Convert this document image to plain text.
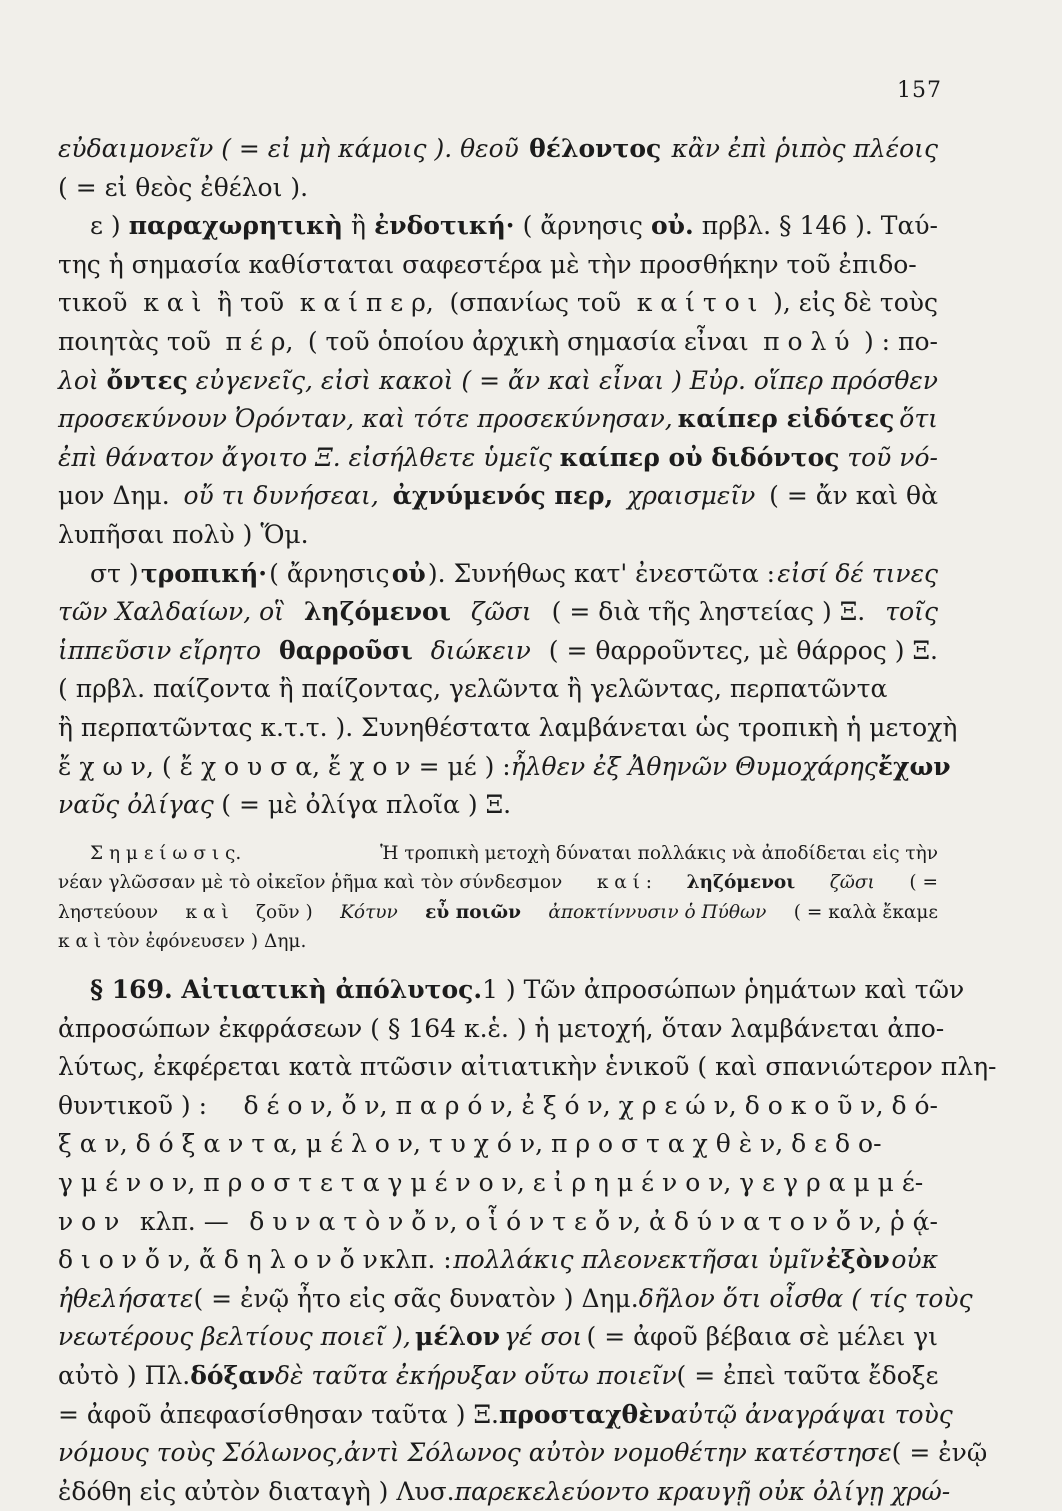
157
εὐδαιμονεῖν ( = εἰ μὴ κάμοις ). θεοῦ θέλοντος κἂν ἐπὶ ῥιπὸς πλέοις
( = εἰ θεὸς ἐθέλοι ).
ε ) παραχωρητικὴ ἢ ἐνδοτική· ( ἄρνησις οὐ. πρβλ. § 146 ). Ταύ-
της ἡ σημασία καθίσταται σαφεστέρα μὲ τὴν προσθήκην τοῦ ἐπιδο-
τικοῦ κ α ὶ ἢ τοῦ κ α ί π ε ρ, (σπανίως τοῦ κ α ί τ ο ι ), εἰς δὲ τοὺς
ποιητὰς τοῦ π έ ρ, ( τοῦ ὁποίου ἀρχικὴ σημασία εἶναι π ο λ ύ ) : πο-
λοὶ ὄντες εὐγενεῖς, εἰσὶ κακοὶ ( = ἄν καὶ εἶναι ) Εὐρ. οἵπερ πρόσθεν
προσεκύνουν Ὀρόνταν, καὶ τότε προσεκύνησαν, καίπερ εἰδότες ὅτι
ἐπὶ θάνατον ἄγοιτο Ξ. εἰσήλθετε ὑμεῖς καίπερ οὐ διδόντος τοῦ νό-
μον Δημ. οὔ τι δυνήσεαι, ἀχνύμενός περ, χραισμεῖν ( = ἄν καὶ θὰ
λυπῆσαι πολὺ ) Ὅμ.
στ ) τροπική· ( ἄρνησις οὐ ). Συνήθως κατ' ἐνεστῶτα : εἰσί δέ τινες
τῶν Χαλδαίων, οἳ ληζόμενοι ζῶσι ( = διὰ τῆς ληστείας ) Ξ. τοῖς
ἱππεῦσιν εἴρητο θαρροῦσι διώκειν ( = θαρροῦντες, μὲ θάρρος ) Ξ.
( πρβλ. παίζοντα ἢ παίζοντας, γελῶντα ἢ γελῶντας, περπατῶντα
ἢ περπατῶντας κ.τ.τ. ). Συνηθέστατα λαμβάνεται ὡς τροπικὴ ἡ μετοχὴ
ἔ χ ω ν, ( ἔ χ ο υ σ α, ἔ χ ο ν = μέ ) : ἦλθεν ἐξ Ἀθηνῶν Θυμοχάρης ἔχων
ναῦς ὀλίγας ( = μὲ ὀλίγα πλοῖα ) Ξ.
Σ η μ ε ί ω σ ι ς.	Ἡ τροπικὴ μετοχὴ δύναται πολλάκις νὰ ἀποδίδεται εἰς τὴν
νέαν γλῶσσαν μὲ τὸ οἰκεῖον ῥῆμα καὶ τὸν σύνδεσμον κ α ί : ληζόμενοι ζῶσι ( =
ληστεύουν κ α ὶ ζοῦν ) Κότυν εὖ ποιῶν ἀποκτίννυσιν ὁ Πύθων ( = καλὰ ἔκαμε
κ α ὶ τὸν ἐφόνευσεν ) Δημ.
§ 169. Αἰτιατικὴ ἀπόλυτος. 1 ) Τῶν ἀπροσώπων ῥημάτων καὶ τῶν
ἀπροσώπων ἐκφράσεων ( § 164 κ.ἑ. ) ἡ μετοχή, ὅταν λαμβάνεται ἀπο-
λύτως, ἐκφέρεται κατὰ πτῶσιν αἰτιατικὴν ἑνικοῦ ( καὶ σπανιώτερον πλη-
θυντικοῦ ) : δ έ ο ν, ὄ ν, π α ρ ό ν, ἐ ξ ό ν, χ ρ ε ώ ν, δ ο κ ο ῦ ν, δ ό-
ξ α ν, δ ό ξ α ν τ α, μ έ λ ο ν, τ υ χ ό ν, π ρ ο σ τ α χ θ ὲ ν, δ ε δ ο-
γ μ έ ν ο ν, π ρ ο σ τ ε τ α γ μ έ ν ο ν, ε ἰ ρ η μ έ ν ο ν, γ ε γ ρ α μ μ έ-
ν ο ν κλπ. — δ υ ν α τ ὸ ν ὄ ν, ο ἷ ό ν τ ε ὄ ν, ἀ δ ύ ν α τ ο ν ὄ ν, ῥ ᾴ-
δ ι ο ν ὄ ν, ἄ δ η λ ο ν ὄ ν κλπ. : πολλάκις πλεονεκτῆσαι ὑμῖν ἐξὸν οὐκ
ἠθελήσατε ( = ἐνῷ ἦτο εἰς σᾶς δυνατὸν ) Δημ. δῆλον ὅτι οἶσθα ( τίς τοὺς
νεωτέρους βελτίους ποιεῖ ), μέλον γέ σοι ( = ἀφοῦ βέβαια σὲ μέλει γι
αὐτὸ ) Πλ. δόξαν δὲ ταῦτα ἐκήρυξαν οὕτω ποιεῖν ( = ἐπεὶ ταῦτα ἔδοξε
= ἀφοῦ ἀπεφασίσθησαν ταῦτα ) Ξ. προσταχθὲν αὐτῷ ἀναγράψαι τοὺς
νόμους τοὺς Σόλωνος, ἀντὶ Σόλωνος αὐτὸν νομοθέτην κατέστησε ( = ἐνῷ
ἐδόθη εἰς αὐτὸν διαταγὴ ) Λυσ. παρεκελεύοντο κραυγῇ οὐκ ὀλίγῃ χρώ-
